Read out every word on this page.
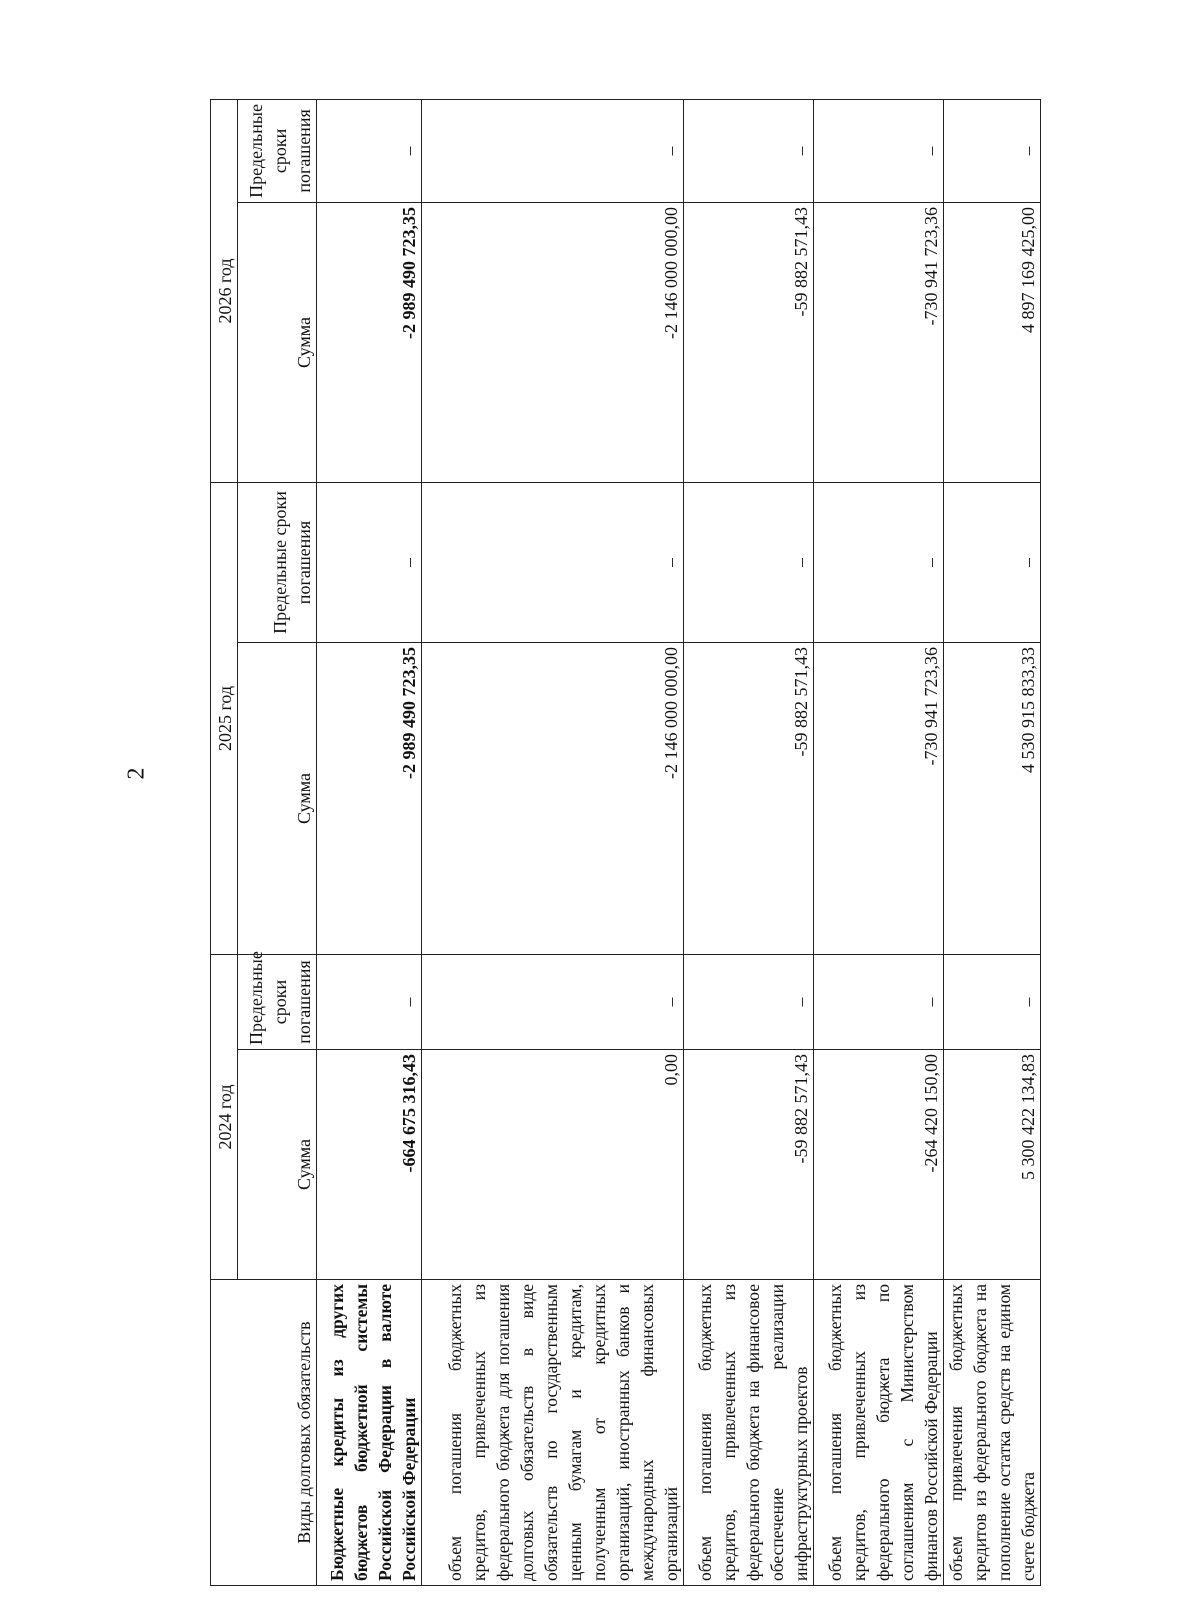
2
Виды долговых обязательств	2024 год		2025 год		2026 год	
	Сумма	Предельные сроки погашения	Сумма	Предельные сроки погашения	Сумма	Предельные сроки погашения
Бюджетные кредиты из других бюджетов бюджетной системы Российской Федерации в валюте Российской Федерации	-664 675 316,43	–	-2 989 490 723,35	–	-2 989 490 723,35	–
объем погашения бюджетных кредитов, привлеченных из федерального бюджета для погашения долговых обязательств в виде обязательств по государственным ценным бумагам и кредитам, полученным от кредитных организаций, иностранных банков и международных финансовых организаций	0,00	–	-2 146 000 000,00	–	-2 146 000 000,00	–
объем погашения бюджетных кредитов, привлеченных из федерального бюджета на финансовое обеспечение реализации инфраструктурных проектов	-59 882 571,43	–	-59 882 571,43	–	-59 882 571,43	–
объем погашения бюджетных кредитов, привлеченных из федерального бюджета по соглашениям с Министерством финансов Российской Федерации	-264 420 150,00	–	-730 941 723,36	–	-730 941 723,36	–
объем привлечения бюджетных кредитов из федерального бюджета на пополнение остатка средств на едином счете бюджета	5 300 422 134,83	–	4 530 915 833,33	–	4 897 169 425,00	–
